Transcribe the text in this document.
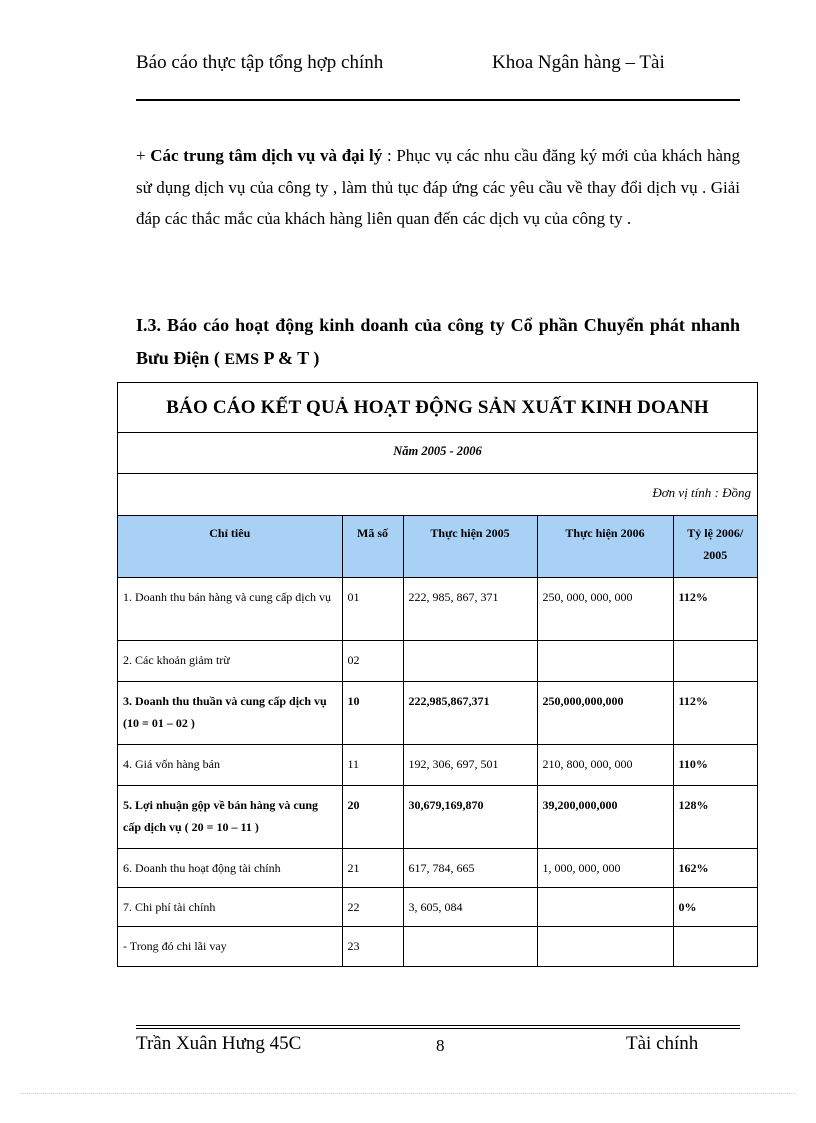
Báo cáo thực tập tổng hợp chính	Khoa Ngân hàng – Tài
+ Các trung tâm dịch vụ và đại lý : Phục vụ các nhu cầu đăng ký mới của khách hàng sử dụng dịch vụ của công ty , làm thủ tục đáp ứng các yêu cầu về thay đổi dịch vụ . Giải đáp các thắc mắc của khách hàng liên quan đến các dịch vụ của công ty .
I.3. Báo cáo hoạt động kinh doanh của công ty Cổ phần Chuyển phát nhanh Bưu Điện ( EMS P & T )
BÁO CÁO KẾT QUẢ HOẠT ĐỘNG SẢN XUẤT KINH DOANH
Năm 2005 - 2006
Đơn vị tính : Đồng
Chỉ tiêu	Mã số	Thực hiện 2005	Thực hiện 2006	Tỷ lệ 2006/ 2005
1. Doanh thu bán hàng và cung cấp dịch vụ	01	222, 985, 867, 371	250, 000, 000, 000	112%
2. Các khoản giảm trừ	02			
3. Doanh thu thuần và cung cấp dịch vụ (10 = 01 – 02 )	10	222,985,867,371	250,000,000,000	112%
4. Giá vốn hàng bán	11	192, 306, 697, 501	210, 800, 000, 000	110%
5. Lợi nhuận gộp về bán hàng và cung cấp dịch vụ ( 20 = 10 – 11 )	20	30,679,169,870	39,200,000,000	128%
6. Doanh thu hoạt động tài chính	21	617, 784, 665	1, 000, 000, 000	162%
7. Chi phí tài chính	22	3, 605, 084		0%
- Trong đó chi lãi vay	23			
Trần Xuân Hưng 45C	8	Tài chính
